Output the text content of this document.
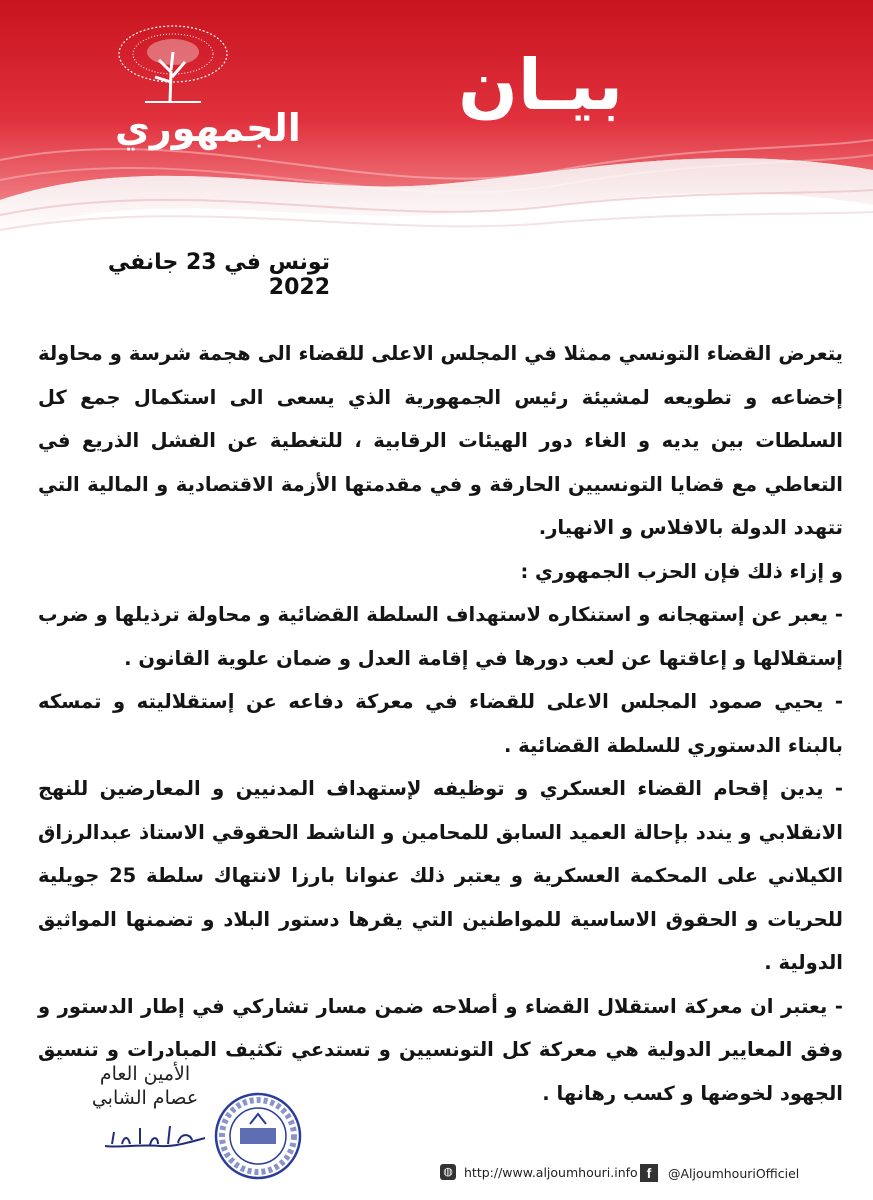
الجمهوري
بيـان
تونس في 23 جانفي 2022

يتعرض القضاء التونسي ممثلا في المجلس الاعلى للقضاء الى هجمة شرسة و محاولة إخضاعه و تطويعه لمشيئة رئيس الجمهورية الذي يسعى الى استكمال جمع كل السلطات بين يديه و الغاء دور الهيئات الرقابية ، للتغطية عن الفشل الذريع في التعاطي مع قضايا التونسيين الحارقة و في مقدمتها الأزمة الاقتصادية و المالية التي تتهدد الدولة بالافلاس و الانهيار.

و إزاء ذلك فإن الحزب الجمهوري :

- يعبر عن إستهجانه و استنكاره لاستهداف السلطة القضائية و محاولة ترذيلها و ضرب إستقلالها و إعاقتها عن لعب دورها في إقامة العدل و ضمان علوية القانون .

- يحيي صمود المجلس الاعلى للقضاء في معركة دفاعه عن إستقلاليته و تمسكه بالبناء الدستوري للسلطة القضائية .

- يدين إقحام القضاء العسكري و توظيفه لإستهداف المدنيين و المعارضين للنهج الانقلابي و يندد بإحالة العميد السابق للمحامين و الناشط الحقوقي الاستاذ عبدالرزاق الكيلاني على المحكمة العسكرية و يعتبر ذلك عنوانا بارزا لانتهاك سلطة 25 جويلية للحريات و الحقوق الاساسية للمواطنين التي يقرها دستور البلاد و تضمنها المواثيق الدولية .

- يعتبر ان معركة استقلال القضاء و أصلاحه ضمن مسار تشاركي في إطار الدستور و وفق المعايير الدولية هي معركة كل التونسيين و تستدعي تكثيف المبادرات و تنسيق الجهود لخوضها و كسب رهانها .

الأمين العام
عصام الشابي
◍ http://www.aljoumhouri.info f	@AljoumhouriOfficiel
